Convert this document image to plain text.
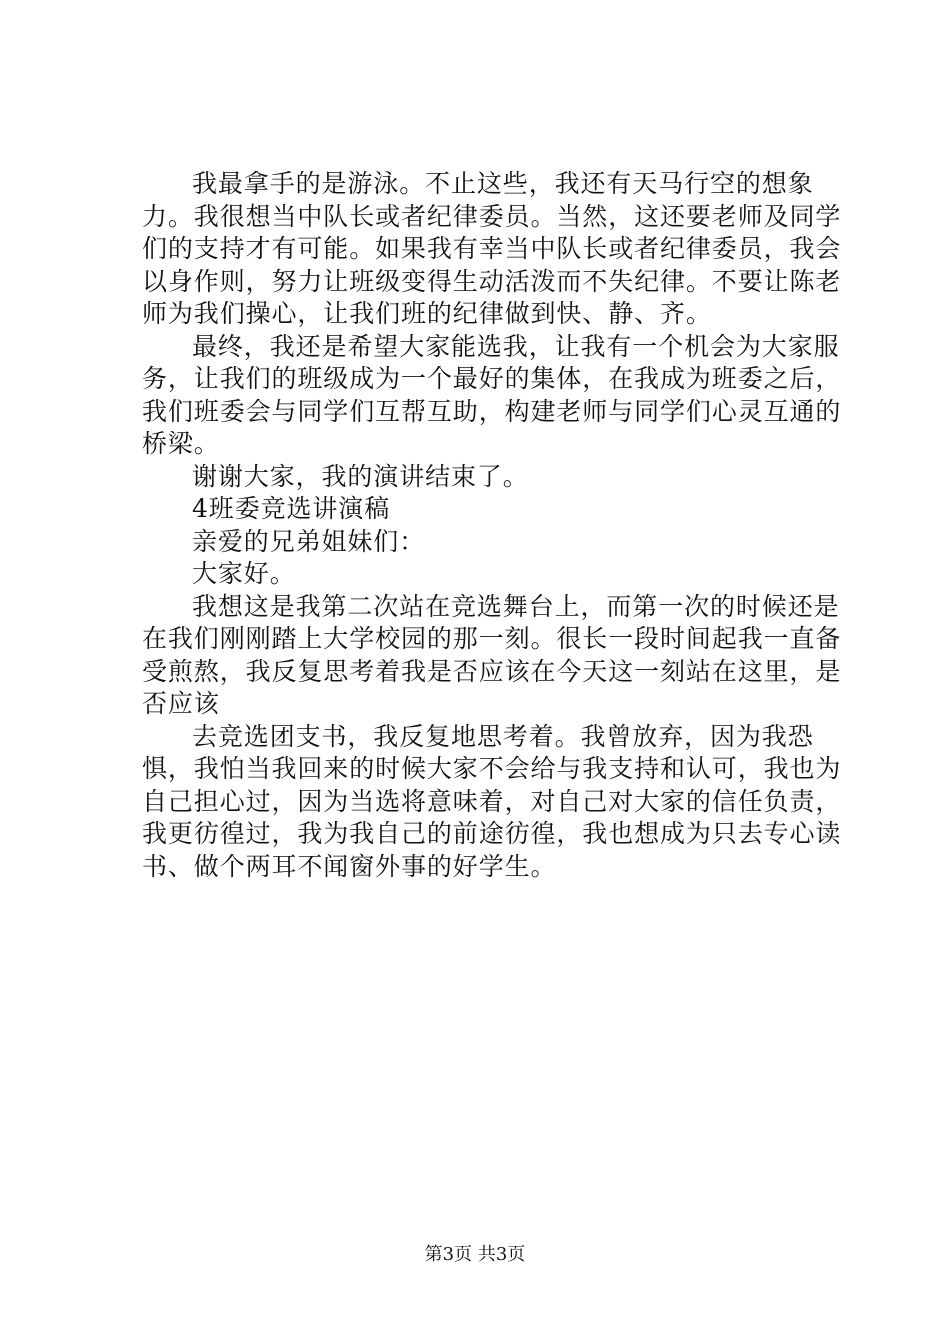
我最拿手的是游泳。不止这些，我还有天马行空的想象力。我很想当中队长或者纪律委员。当然，这还要老师及同学们的支持才有可能。如果我有幸当中队长或者纪律委员，我会以身作则，努力让班级变得生动活泼而不失纪律。不要让陈老师为我们操心，让我们班的纪律做到快、静、齐。

最终，我还是希望大家能选我，让我有一个机会为大家服务，让我们的班级成为一个最好的集体，在我成为班委之后，我们班委会与同学们互帮互助，构建老师与同学们心灵互通的桥梁。

谢谢大家，我的演讲结束了。

4班委竞选讲演稿

亲爱的兄弟姐妹们：

大家好。

我想这是我第二次站在竞选舞台上，而第一次的时候还是在我们刚刚踏上大学校园的那一刻。很长一段时间起我一直备受煎熬，我反复思考着我是否应该在今天这一刻站在这里，是否应该

去竞选团支书，我反复地思考着。我曾放弃，因为我恐惧，我怕当我回来的时候大家不会给与我支持和认可，我也为自己担心过，因为当选将意味着，对自己对大家的信任负责，我更彷徨过，我为我自己的前途彷徨，我也想成为只去专心读书、做个两耳不闻窗外事的好学生。

第3页 共3页
